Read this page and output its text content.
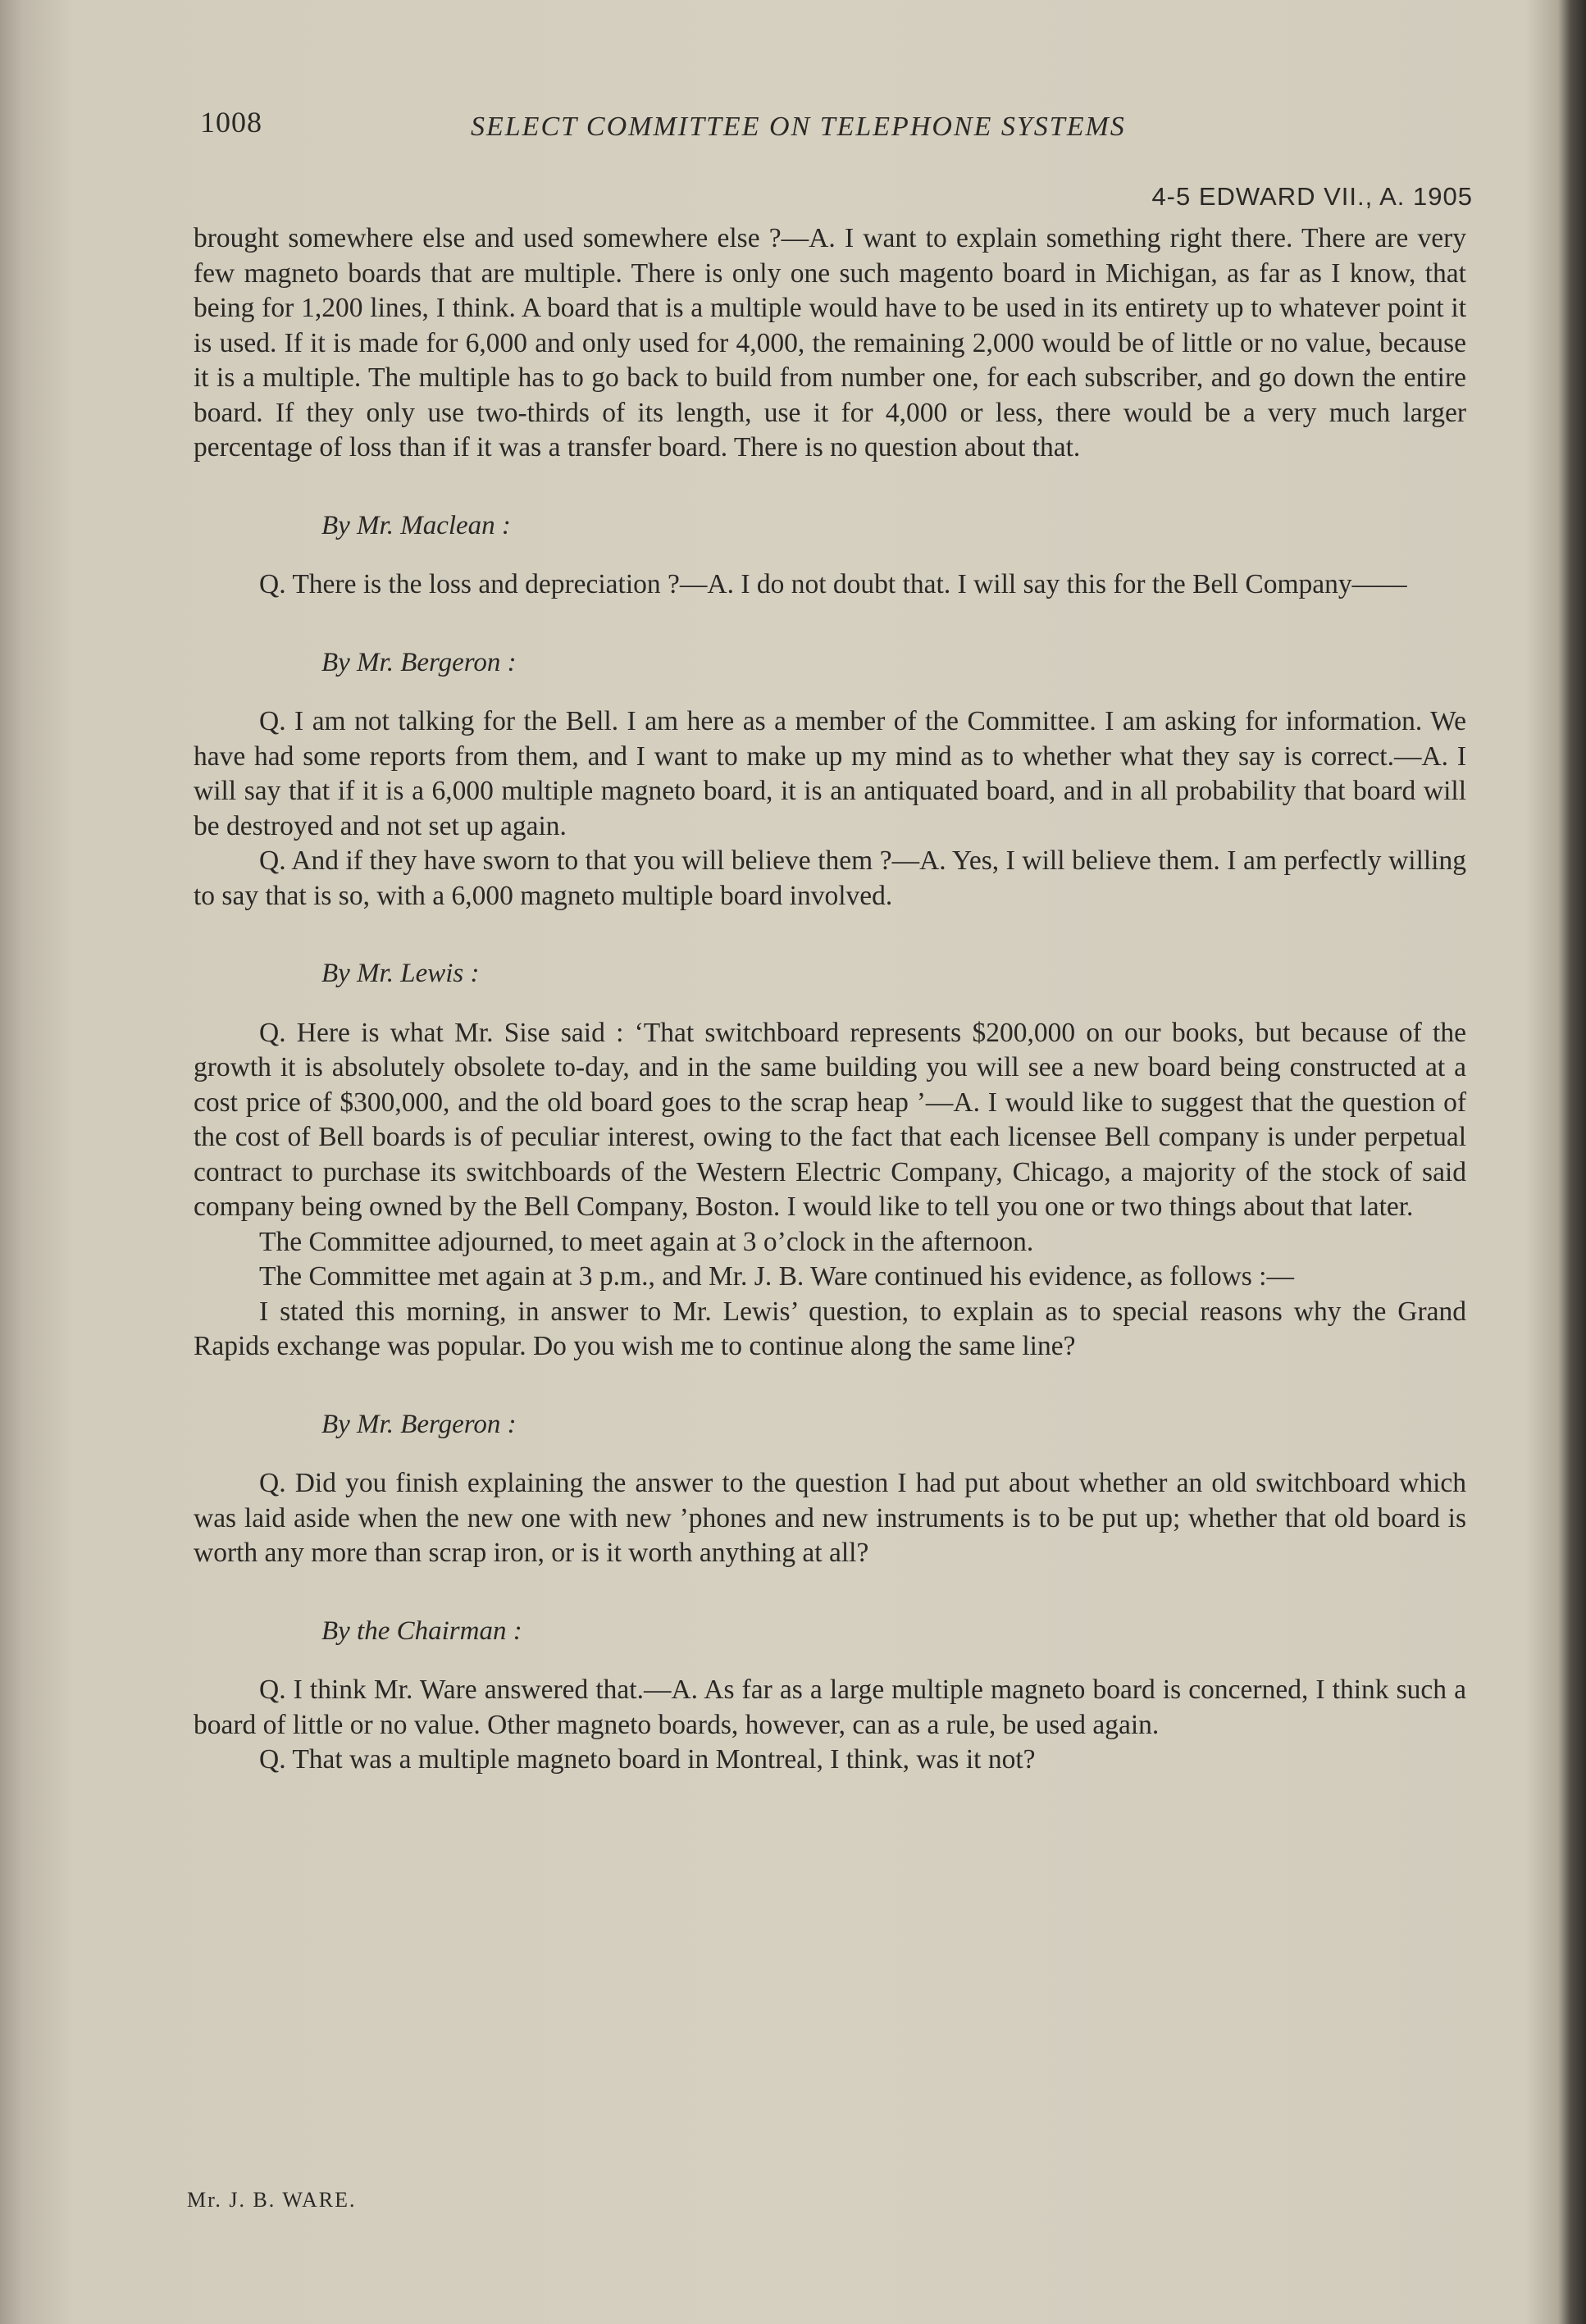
1008	SELECT COMMITTEE ON TELEPHONE SYSTEMS
4-5 EDWARD VII., A. 1905

brought somewhere else and used somewhere else ?—A. I want to explain something right there. There are very few magneto boards that are multiple. There is only one such magento board in Michigan, as far as I know, that being for 1,200 lines, I think. A board that is a multiple would have to be used in its entirety up to whatever point it is used. If it is made for 6,000 and only used for 4,000, the remaining 2,000 would be of little or no value, because it is a multiple. The multiple has to go back to build from number one, for each subscriber, and go down the entire board. If they only use two-thirds of its length, use it for 4,000 or less, there would be a very much larger percentage of loss than if it was a transfer board. There is no question about that.

By Mr. Maclean :

Q. There is the loss and depreciation ?—A. I do not doubt that. I will say this for the Bell Company——

By Mr. Bergeron :

Q. I am not talking for the Bell. I am here as a member of the Committee. I am asking for information. We have had some reports from them, and I want to make up my mind as to whether what they say is correct.—A. I will say that if it is a 6,000 multiple magneto board, it is an antiquated board, and in all probability that board will be destroyed and not set up again.

Q. And if they have sworn to that you will believe them ?—A. Yes, I will believe them. I am perfectly willing to say that is so, with a 6,000 magneto multiple board involved.

By Mr. Lewis :

Q. Here is what Mr. Sise said : ‘That switchboard represents $200,000 on our books, but because of the growth it is absolutely obsolete to-day, and in the same building you will see a new board being constructed at a cost price of $300,000, and the old board goes to the scrap heap ’—A. I would like to suggest that the question of the cost of Bell boards is of peculiar interest, owing to the fact that each licensee Bell company is under perpetual contract to purchase its switchboards of the Western Electric Company, Chicago, a majority of the stock of said company being owned by the Bell Company, Boston. I would like to tell you one or two things about that later.

The Committee adjourned, to meet again at 3 o’clock in the afternoon.

The Committee met again at 3 p.m., and Mr. J. B. Ware continued his evidence, as follows :—

I stated this morning, in answer to Mr. Lewis’ question, to explain as to special reasons why the Grand Rapids exchange was popular. Do you wish me to continue along the same line?

By Mr. Bergeron :

Q. Did you finish explaining the answer to the question I had put about whether an old switchboard which was laid aside when the new one with new ’phones and new instruments is to be put up; whether that old board is worth any more than scrap iron, or is it worth anything at all?

By the Chairman :

Q. I think Mr. Ware answered that.—A. As far as a large multiple magneto board is concerned, I think such a board of little or no value. Other magneto boards, however, can as a rule, be used again.

Q. That was a multiple magneto board in Montreal, I think, was it not?

Mr. J. B. WARE.
